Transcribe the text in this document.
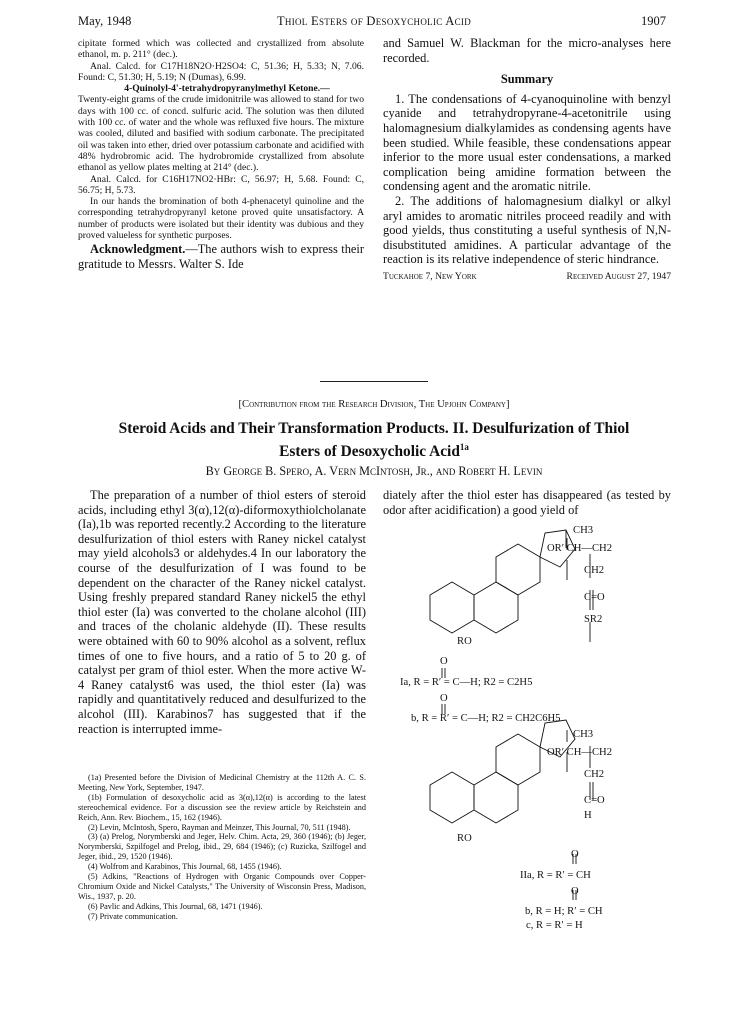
May, 1948	Thiol Esters of Desoxycholic Acid	1907

cipitate formed which was collected and crystallized from absolute ethanol, m. p. 211° (dec.).

Anal. Calcd. for C17H18N2O·H2SO4: C, 51.36; H, 5.33; N, 7.06. Found: C, 51.30; H, 5.19; N (Dumas), 6.99.

4-Quinolyl-4'-tetrahydropyranylmethyl Ketone.—

Twenty-eight grams of the crude imidonitrile was allowed to stand for two days with 100 cc. of concd. sulfuric acid. The solution was then diluted with 100 cc. of water and the whole was refluxed five hours. The mixture was cooled, diluted and basified with sodium carbonate. The precipitated oil was taken into ether, dried over potassium carbonate and acidified with 48% hydrobromic acid. The hydrobromide crystallized from absolute ethanol as yellow plates melting at 214° (dec.).

Anal. Calcd. for C16H17NO2·HBr: C, 56.97; H, 5.68. Found: C, 56.75; H, 5.73.

In our hands the bromination of both 4-phenacetyl quinoline and the corresponding tetrahydropyranyl ketone proved quite unsatisfactory. A number of products were isolated but their identity was dubious and they proved valueless for synthetic purposes.

Acknowledgment.—The authors wish to express their gratitude to Messrs. Walter S. Ide

and Samuel W. Blackman for the micro-analyses here recorded.

Summary

1. The condensations of 4-cyanoquinoline with benzyl cyanide and tetrahydropyrane-4-acetonitrile using halomagnesium dialkylamides as condensing agents have been studied. While feasible, these condensations appear inferior to the more usual ester condensations, a marked complication being amidine formation between the condensing agent and the aromatic nitrile.

2. The additions of halomagnesium dialkyl or alkyl aryl amides to aromatic nitriles proceed readily and with good yields, thus constituting a useful synthesis of N,N-disubstituted amidines. A particular advantage of the reaction is its relative independence of steric hindrance.

Tuckahoe 7, New York	Received August 27, 1947
[Contribution from the Research Division, The Upjohn Company]
Steroid Acids and Their Transformation Products. II. Desulfurization of Thiol
Esters of Desoxycholic Acid$^{1a}$
By George B. Spero, A. Vern McIntosh, Jr., and Robert H. Levin
The preparation of a number of thiol esters of steroid acids, including ethyl 3(α),12(α)-diformoxythiolcholanate (Ia),1b was reported recently.2 According to the literature desulfurization of thiol esters with Raney nickel catalyst may yield alcohols3 or aldehydes.4 In our laboratory the course of the desulfurization of I was found to be dependent on the character of the Raney nickel catalyst. Using freshly prepared standard Raney nickel5 the ethyl thiol ester (Ia) was converted to the cholane alcohol (III) and traces of the cholanic aldehyde (II). These results were obtained with 60 to 90% alcohol as a solvent, reflux times of one to five hours, and a ratio of 5 to 20 g. of catalyst per gram of thiol ester. When the more active W-4 Raney catalyst6 was used, the thiol ester (Ia) was rapidly and quantitatively reduced and desulfurized to the alcohol (III). Karabinos7 has suggested that if the reaction is interrupted imme-
diately after the thiol ester has disappeared (as tested by odor after acidification) a good yield of
CH3
OR′ CH—CH2
CH2
C=O
SR2
RO
O
Ia, R = R′ = C—H; R2 = C2H5
O
b, R = R′ = C—H; R2 = CH2C6H5
CH3
OR′ CH—CH2
CH2
C=O
H
RO
O
IIa, R = R′ = CH
O
b, R = H; R′ = CH
c, R = R′ = H

(1a) Presented before the Division of Medicinal Chemistry at the 112th A. C. S. Meeting, New York, September, 1947.

(1b) Formulation of desoxycholic acid as 3(α),12(α) is according to the latest stereochemical evidence. For a discussion see the review article by Reichstein and Reich, Ann. Rev. Biochem., 15, 162 (1946).

(2) Levin, McIntosh, Spero, Rayman and Meinzer, This Journal, 70, 511 (1948).

(3) (a) Prelog, Norymberski and Jeger, Helv. Chim. Acta, 29, 360 (1946); (b) Jeger, Norymberski, Szpilfogel and Prelog, ibid., 29, 684 (1946); (c) Ruzicka, Szilfogel and Jeger, ibid., 29, 1520 (1946).

(4) Wolfrom and Karabinos, This Journal, 68, 1455 (1946).

(5) Adkins, "Reactions of Hydrogen with Organic Compounds over Copper-Chromium Oxide and Nickel Catalysts," The University of Wisconsin Press, Madison, Wis., 1937, p. 20.

(6) Pavlic and Adkins, This Journal, 68, 1471 (1946).

(7) Private communication.
